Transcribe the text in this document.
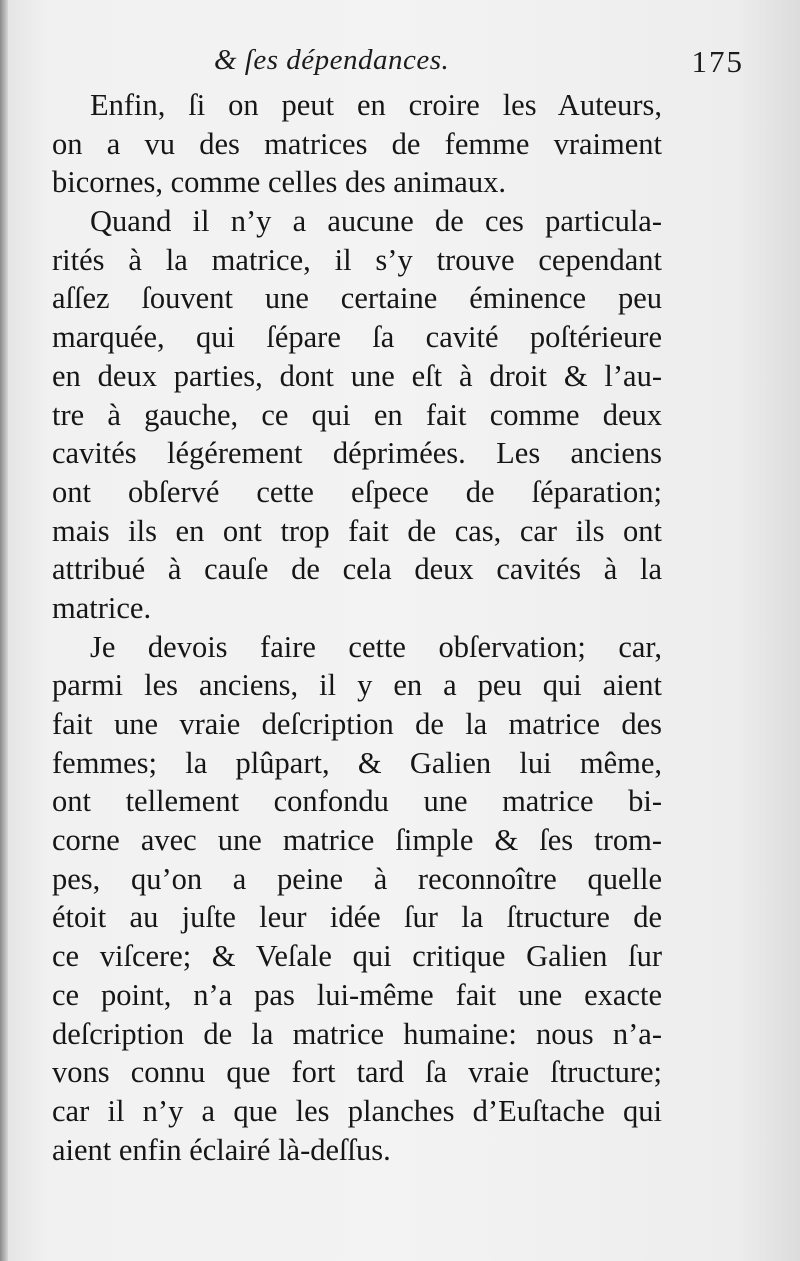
& ſes dépendances.	175
Enfin, ſi on peut en croire les Auteurs,
on a vu des matrices de femme vraiment
bicornes, comme celles des animaux.
Quand il n’y a aucune de ces particula-
rités à la matrice, il s’y trouve cependant
aſſez ſouvent une certaine éminence peu
marquée, qui ſépare ſa cavité poſtérieure
en deux parties, dont une eſt à droit & l’au-
tre à gauche, ce qui en fait comme deux
cavités légérement déprimées. Les anciens
ont obſervé cette eſpece de ſéparation;
mais ils en ont trop fait de cas, car ils ont
attribué à cauſe de cela deux cavités à la
matrice.
Je devois faire cette obſervation; car,
parmi les anciens, il y en a peu qui aient
fait une vraie deſcription de la matrice des
femmes; la plûpart, & Galien lui même,
ont tellement confondu une matrice bi-
corne avec une matrice ſimple & ſes trom-
pes, qu’on a peine à reconnoître quelle
étoit au juſte leur idée ſur la ſtructure de
ce viſcere; & Veſale qui critique Galien ſur
ce point, n’a pas lui-même fait une exacte
deſcription de la matrice humaine: nous n’a-
vons connu que fort tard ſa vraie ſtructure;
car il n’y a que les planches d’Euſtache qui
aient enfin éclairé là-deſſus.
